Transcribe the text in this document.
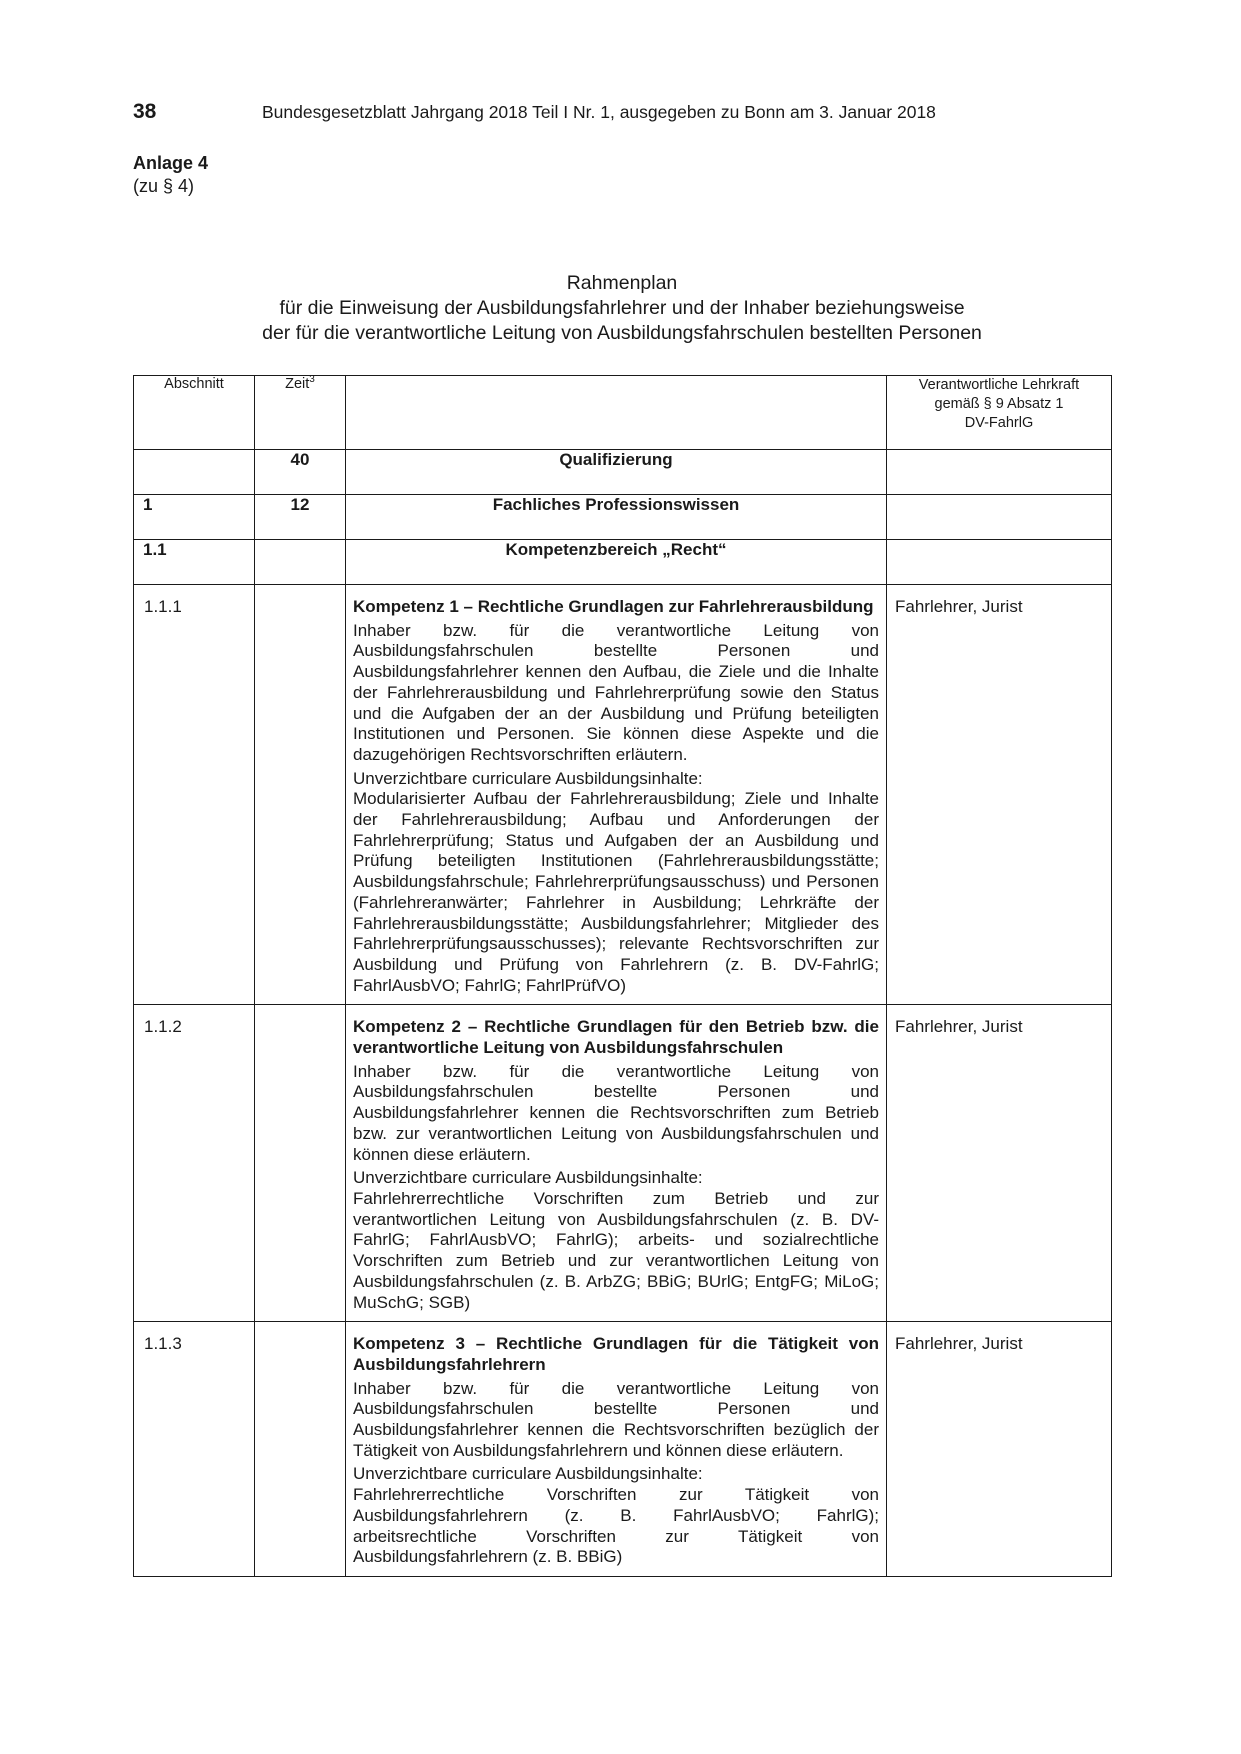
38	Bundesgesetzblatt Jahrgang 2018 Teil I Nr. 1, ausgegeben zu Bonn am 3. Januar 2018
Anlage 4
(zu § 4)
Rahmenplan
für die Einweisung der Ausbildungsfahrlehrer und der Inhaber beziehungsweise
der für die verantwortliche Leitung von Ausbildungsfahrschulen bestellten Personen
Abschnitt	Zeit$^3$		Verantwortliche Lehrkraft
gemäß § 9 Absatz 1
DV-FahrlG

	40	Qualifizierung	
1	12	Fachliches Professionswissen	
1.1		Kompetenzbereich „Recht“	
1.1.1		Kompetenz 1 – Rechtliche Grundlagen zur Fahrlehrerausbildung
Inhaber bzw. für die verantwortliche Leitung von Ausbildungsfahrschulen bestellte Personen und Ausbildungsfahrlehrer kennen den Aufbau, die Ziele und die Inhalte der Fahrlehrerausbildung und Fahrlehrerprüfung sowie den Status und die Aufgaben der an der Ausbildung und Prüfung beteiligten Institutionen und Personen. Sie können diese Aspekte und die dazugehörigen Rechtsvorschriften erläutern.
Unverzichtbare curriculare Ausbildungsinhalte:
Modularisierter Aufbau der Fahrlehrerausbildung; Ziele und Inhalte der Fahrlehrerausbildung; Aufbau und Anforderungen der Fahrlehrerprüfung; Status und Aufgaben der an Ausbildung und Prüfung beteiligten Institutionen (Fahrlehrerausbildungsstätte; Ausbildungsfahrschule; Fahrlehrerprüfungsausschuss) und Personen (Fahrlehreranwärter; Fahrlehrer in Ausbildung; Lehrkräfte der Fahrlehrerausbildungsstätte; Ausbildungsfahrlehrer; Mitglieder des Fahrlehrerprüfungsausschusses); relevante Rechtsvorschriften zur Ausbildung und Prüfung von Fahrlehrern (z. B. DV-FahrlG; FahrlAusbVO; FahrlG; FahrlPrüfVO)	Fahrlehrer, Jurist
1.1.2		Kompetenz 2 – Rechtliche Grundlagen für den Betrieb bzw. die verantwortliche Leitung von Ausbildungsfahrschulen
Inhaber bzw. für die verantwortliche Leitung von Ausbildungsfahrschulen bestellte Personen und Ausbildungsfahrlehrer kennen die Rechtsvorschriften zum Betrieb bzw. zur verantwortlichen Leitung von Ausbildungsfahrschulen und können diese erläutern.
Unverzichtbare curriculare Ausbildungsinhalte:
Fahrlehrerrechtliche Vorschriften zum Betrieb und zur verantwortlichen Leitung von Ausbildungsfahrschulen (z. B. DV-FahrlG; FahrlAusbVO; FahrlG); arbeits- und sozialrechtliche Vorschriften zum Betrieb und zur verantwortlichen Leitung von Ausbildungsfahrschulen (z. B. ArbZG; BBiG; BUrlG; EntgFG; MiLoG; MuSchG; SGB)	Fahrlehrer, Jurist
1.1.3		Kompetenz 3 – Rechtliche Grundlagen für die Tätigkeit von Ausbildungsfahrlehrern
Inhaber bzw. für die verantwortliche Leitung von Ausbildungsfahrschulen bestellte Personen und Ausbildungsfahrlehrer kennen die Rechtsvorschriften bezüglich der Tätigkeit von Ausbildungsfahrlehrern und können diese erläutern.
Unverzichtbare curriculare Ausbildungsinhalte:
Fahrlehrerrechtliche Vorschriften zur Tätigkeit von Ausbildungsfahrlehrern (z. B. FahrlAusbVO; FahrlG); arbeitsrechtliche Vorschriften zur Tätigkeit von Ausbildungsfahrlehrern (z. B. BBiG)	Fahrlehrer, Jurist
